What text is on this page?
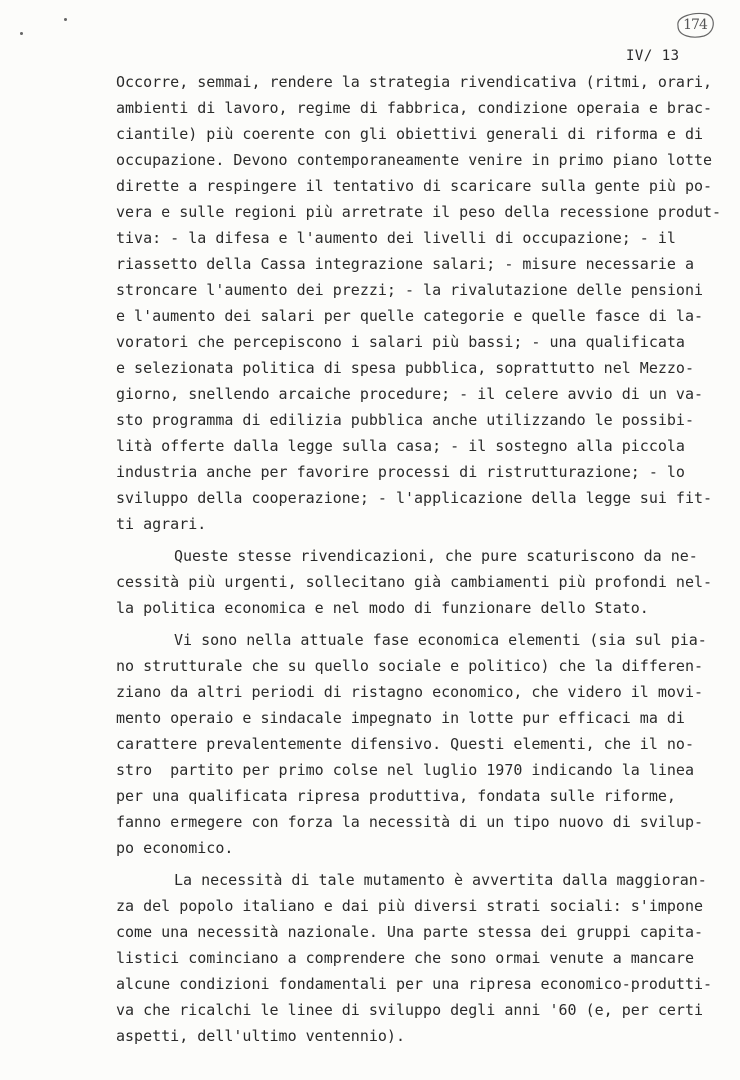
174
IV/ 13
Occorre, semmai, rendere la strategia rivendicativa (ritmi, orari,
ambienti di lavoro, regime di fabbrica, condizione operaia e brac-
ciantile) più coerente con gli obiettivi generali di riforma e di
occupazione. Devono contemporaneamente venire in primo piano lotte
dirette a respingere il tentativo di scaricare sulla gente più po-
vera e sulle regioni più arretrate il peso della recessione produt-
tiva: - la difesa e l'aumento dei livelli di occupazione; - il
riassetto della Cassa integrazione salari; - misure necessarie a
stroncare l'aumento dei prezzi; - la rivalutazione delle pensioni
e l'aumento dei salari per quelle categorie e quelle fasce di la-
voratori che percepiscono i salari più bassi; - una qualificata
e selezionata politica di spesa pubblica, soprattutto nel Mezzo-
giorno, snellendo arcaiche procedure; - il celere avvio di un va-
sto programma di edilizia pubblica anche utilizzando le possibi-
lità offerte dalla legge sulla casa; - il sostegno alla piccola
industria anche per favorire processi di ristrutturazione; - lo
sviluppo della cooperazione; - l'applicazione della legge sui fit-
ti agrari.
Queste stesse rivendicazioni, che pure scaturiscono da ne-
cessità più urgenti, sollecitano già cambiamenti più profondi nel-
la politica economica e nel modo di funzionare dello Stato.
Vi sono nella attuale fase economica elementi (sia sul pia-
no strutturale che su quello sociale e politico) che la differen-
ziano da altri periodi di ristagno economico, che videro il movi-
mento operaio e sindacale impegnato in lotte pur efficaci ma di
carattere prevalentemente difensivo. Questi elementi, che il no-
stro  partito per primo colse nel luglio 1970 indicando la linea
per una qualificata ripresa produttiva, fondata sulle riforme,
fanno ermegere con forza la necessità di un tipo nuovo di svilup-
po economico.
La necessità di tale mutamento è avvertita dalla maggioran-
za del popolo italiano e dai più diversi strati sociali: s'impone
come una necessità nazionale. Una parte stessa dei gruppi capita-
listici cominciano a comprendere che sono ormai venute a mancare
alcune condizioni fondamentali per una ripresa economico-produtti-
va che ricalchi le linee di sviluppo degli anni '60 (e, per certi
aspetti, dell'ultimo ventennio).
